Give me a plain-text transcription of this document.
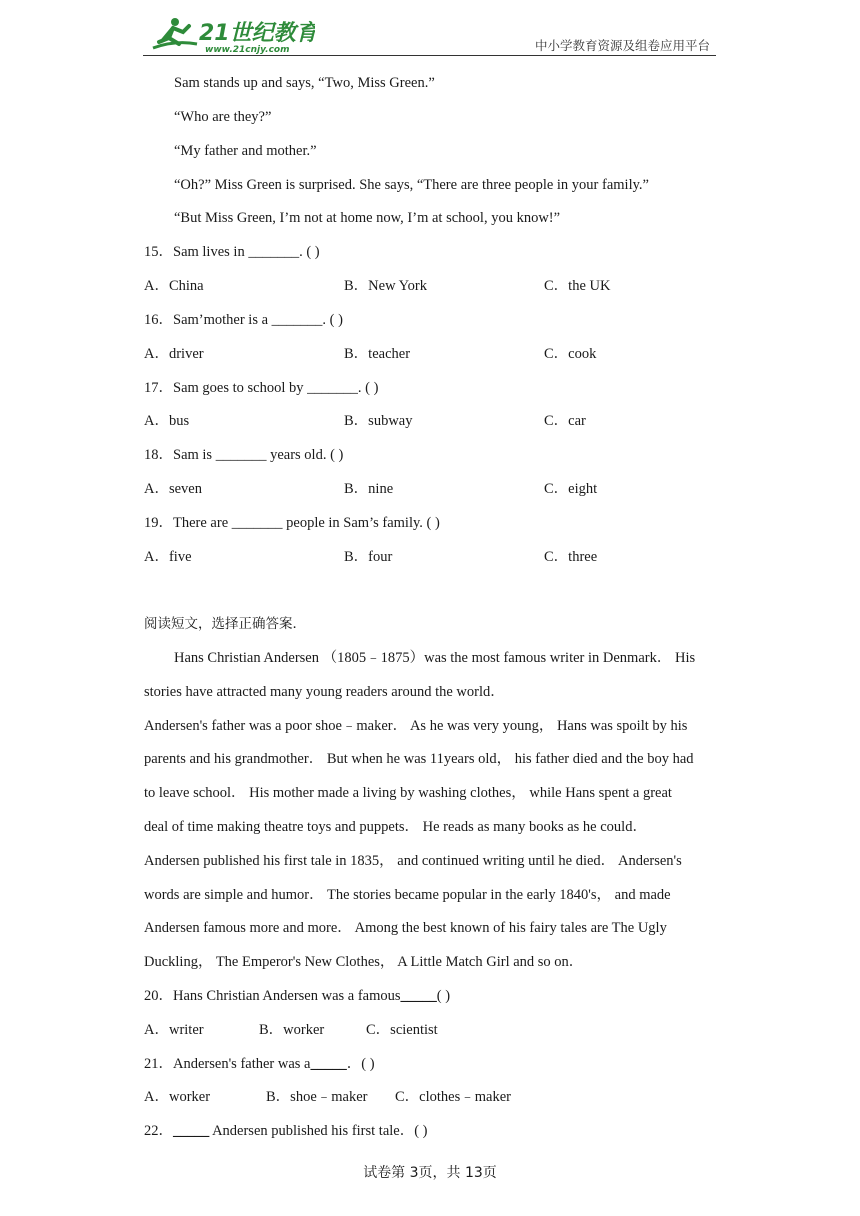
21世纪教育
www.21cnjy.com	中小学教育资源及组卷应用平台
Sam stands up and says, “Two, Miss Green.”
“Who are they?”
“My father and mother.”
“Oh?” Miss Green is surprised. She says, “There are three people in your family.”
“But Miss Green, I’m not at home now, I’m at school, you know!”
15．Sam lives in _______. ( )
A．China	B．New York	C．the UK
16．Sam’mother is a _______. ( )
A．driver	B．teacher	C．cook
17．Sam goes to school by _______. ( )
A．bus	B．subway	C．car
18．Sam is _______ years old. ( )
A．seven	B．nine	C．eight
19．There are _______ people in Sam’s family. ( )
A．five	B．four	C．three
阅读短文，选择正确答案．
Hans Christian Andersen （1805﹣1875）was the most famous writer in Denmark． His
stories have attracted many young readers around the world．
Andersen's father was a poor shoe﹣maker． As he was very young， Hans was spoilt by his
parents and his grandmother． But when he was 11years old， his father died and the boy had
to leave school． His mother made a living by washing clothes， while Hans spent a great
deal of time making theatre toys and puppets． He reads as many books as he could．
Andersen published his first tale in 1835， and continued writing until he died． Andersen's
words are simple and humor． The stories became popular in the early 1840's， and made
Andersen famous more and more． Among the best known of his fairy tales are The Ugly
Duckling， The Emperor's New Clothes， A Little Match Girl and so on．
20．Hans Christian Andersen was a famous_____( )
A．writer	B．worker	C．scientist
21．Andersen's father was a_____．( )
A．worker	B．shoe﹣maker C．clothes﹣maker
22．_____ Andersen published his first tale．( )
试卷第 3页，共 13页
